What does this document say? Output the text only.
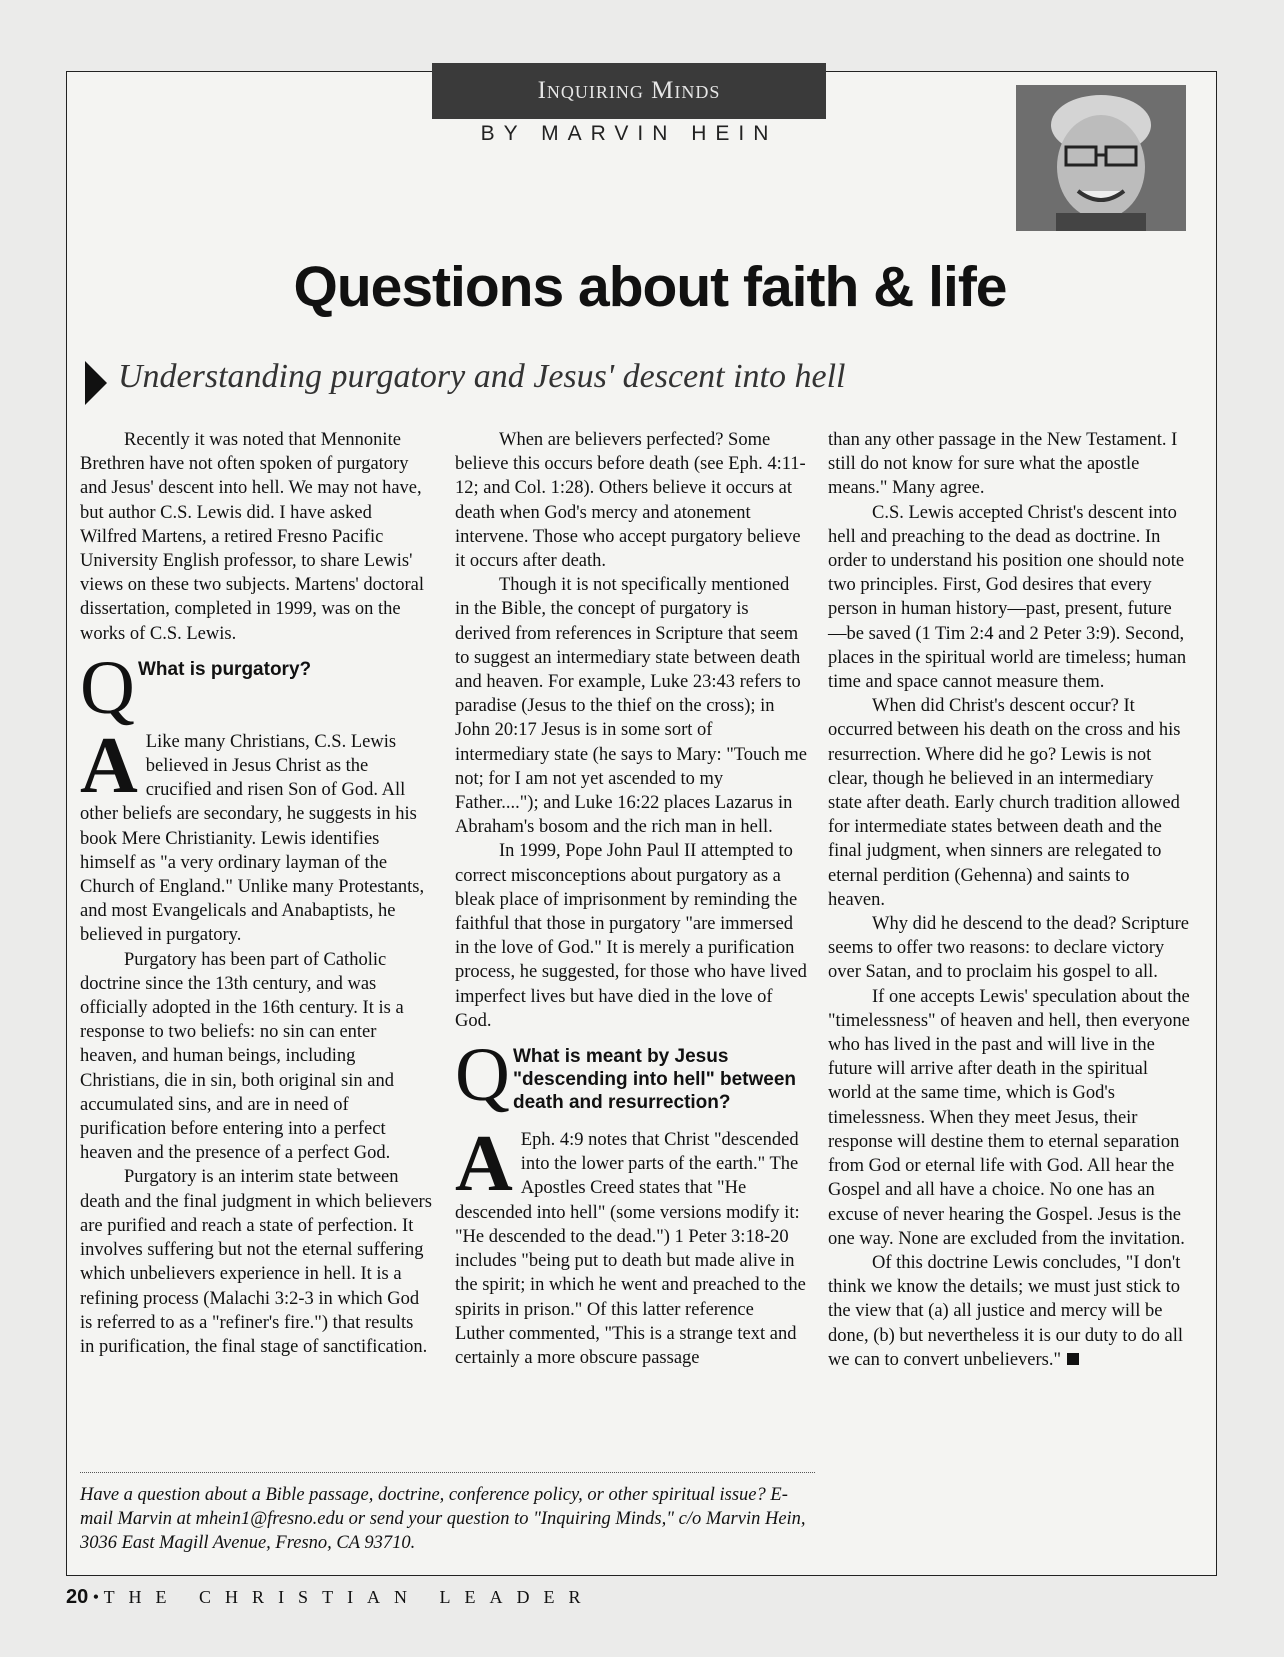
Inquiring Minds
BY MARVIN HEIN
Questions about faith & life
Understanding purgatory and Jesus' descent into hell

Recently it was noted that Mennonite Brethren have not often spoken of purgatory and Jesus' descent into hell. We may not have, but author C.S. Lewis did. I have asked Wilfred Martens, a retired Fresno Pacific University English professor, to share Lewis' views on these two subjects. Martens' doctoral dissertation, completed in 1999, was on the works of C.S. Lewis.

Q What is purgatory?

A Like many Christians, C.S. Lewis believed in Jesus Christ as the crucified and risen Son of God. All other beliefs are secondary, he suggests in his book Mere Christianity. Lewis identifies himself as "a very ordinary layman of the Church of England." Unlike many Protestants, and most Evangelicals and Anabaptists, he believed in purgatory.

Purgatory has been part of Catholic doctrine since the 13th century, and was officially adopted in the 16th century. It is a response to two beliefs: no sin can enter heaven, and human beings, including Christians, die in sin, both original sin and accumulated sins, and are in need of purification before entering into a perfect heaven and the presence of a perfect God.

Purgatory is an interim state between death and the final judgment in which believers are purified and reach a state of perfection. It involves suffering but not the eternal suffering which unbelievers experience in hell. It is a refining process (Malachi 3:2-3 in which God is referred to as a "refiner's fire.") that results in purification, the final stage of sanctification.

When are believers perfected? Some believe this occurs before death (see Eph. 4:11-12; and Col. 1:28). Others believe it occurs at death when God's mercy and atonement intervene. Those who accept purgatory believe it occurs after death.

Though it is not specifically mentioned in the Bible, the concept of purgatory is derived from references in Scripture that seem to suggest an intermediary state between death and heaven. For example, Luke 23:43 refers to paradise (Jesus to the thief on the cross); in John 20:17 Jesus is in some sort of intermediary state (he says to Mary: "Touch me not; for I am not yet ascended to my Father...."); and Luke 16:22 places Lazarus in Abraham's bosom and the rich man in hell.

In 1999, Pope John Paul II attempted to correct misconceptions about purgatory as a bleak place of imprisonment by reminding the faithful that those in purgatory "are immersed in the love of God." It is merely a purification process, he suggested, for those who have lived imperfect lives but have died in the love of God.

Q What is meant by Jesus "descending into hell" between death and resurrection?

A Eph. 4:9 notes that Christ "descended into the lower parts of the earth." The Apostles Creed states that "He descended into hell" (some versions modify it: "He descended to the dead.") 1 Peter 3:18-20 includes "being put to death but made alive in the spirit; in which he went and preached to the spirits in prison." Of this latter reference Luther commented, "This is a strange text and certainly a more obscure passage

than any other passage in the New Testament. I still do not know for sure what the apostle means." Many agree.

C.S. Lewis accepted Christ's descent into hell and preaching to the dead as doctrine. In order to understand his position one should note two principles. First, God desires that every person in human history—past, present, future—be saved (1 Tim 2:4 and 2 Peter 3:9). Second, places in the spiritual world are timeless; human time and space cannot measure them.

When did Christ's descent occur? It occurred between his death on the cross and his resurrection. Where did he go? Lewis is not clear, though he believed in an intermediary state after death. Early church tradition allowed for intermediate states between death and the final judgment, when sinners are relegated to eternal perdition (Gehenna) and saints to heaven.

Why did he descend to the dead? Scripture seems to offer two reasons: to declare victory over Satan, and to proclaim his gospel to all.

If one accepts Lewis' speculation about the "timelessness" of heaven and hell, then everyone who has lived in the past and will live in the future will arrive after death in the spiritual world at the same time, which is God's timelessness. When they meet Jesus, their response will destine them to eternal separation from God or eternal life with God. All hear the Gospel and all have a choice. No one has an excuse of never hearing the Gospel. Jesus is the one way. None are excluded from the invitation.

Of this doctrine Lewis concludes, "I don't think we know the details; we must just stick to the view that (a) all justice and mercy will be done, (b) but nevertheless it is our duty to do all we can to convert unbelievers."

Have a question about a Bible passage, doctrine, conference policy, or other spiritual issue? E-mail Marvin at mhein1@fresno.edu or send your question to "Inquiring Minds," c/o Marvin Hein, 3036 East Magill Avenue, Fresno, CA 93710.
20 • THE CHRISTIAN LEADER
